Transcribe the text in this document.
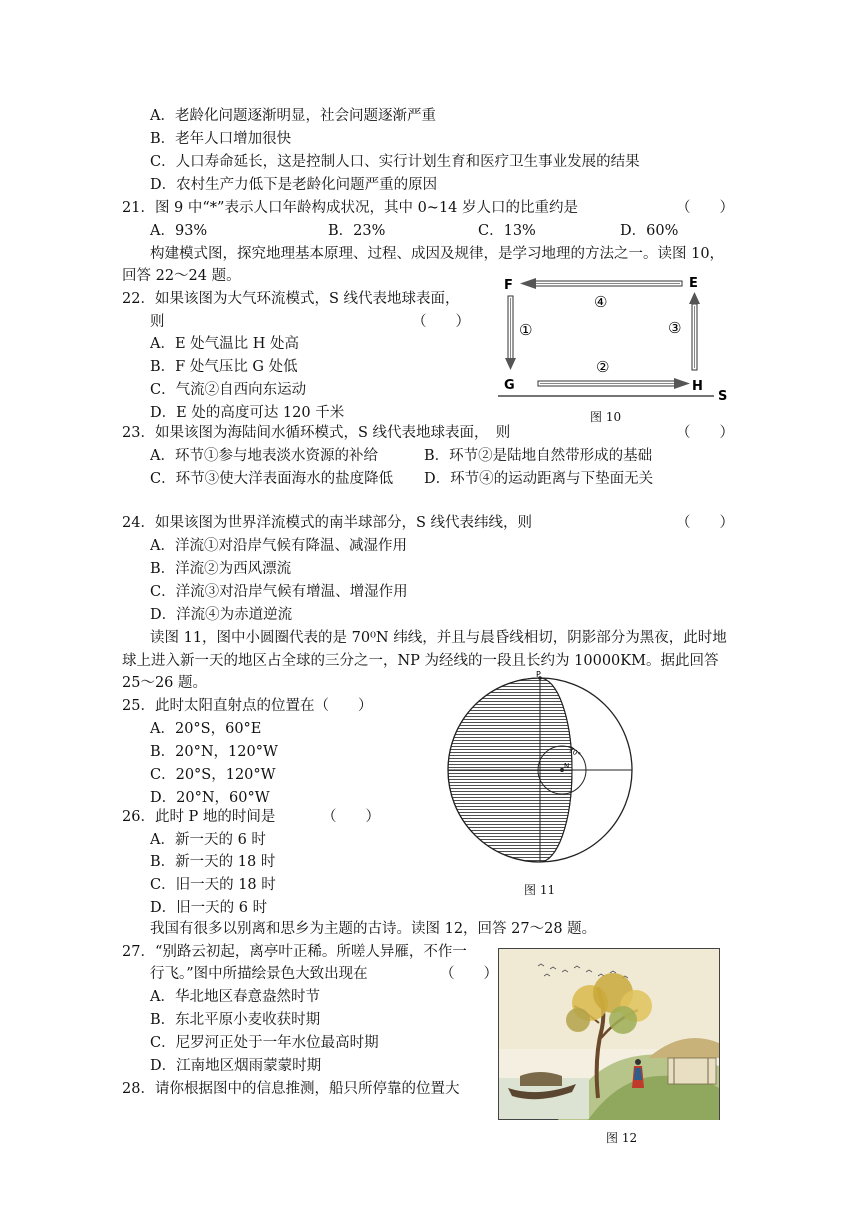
A．老龄化问题逐渐明显，社会问题逐渐严重
B．老年人口增加很快
C．人口寿命延长，这是控制人口、实行计划生育和医疗卫生事业发展的结果
D．农村生产力低下是老龄化问题严重的原因
21．图 9 中“*”表示人口年龄构成状况，其中 0~14 岁人口的比重约是	（　　）
A．93%	B．23%	C．13%	D．60%
构建模式图，探究地理基本原理、过程、成因及规律，是学习地理的方法之一。读图 10，
回答 22～24 题。
22．如果该图为大气环流模式，S 线代表地球表面，
则	（　　）
A．E 处气温比 H 处高
B．F 处气压比 G 处低
C．气流②自西向东运动
D．E 处的高度可达 120 千米
F	E
G	H
S
④
①
②
③
图 10
23．如果该图为海陆间水循环模式，S 线代表地球表面，　则	（　　）
A．环节①参与地表淡水资源的补给	B．环节②是陆地自然带形成的基础
C．环节③使大洋表面海水的盐度降低 D．环节④的运动距离与下垫面无关
24．如果该图为世界洋流模式的南半球部分，S 线代表纬线，则	（　　）
A．洋流①对沿岸气候有降温、减湿作用
B．洋流②为西风漂流
C．洋流③对沿岸气候有增温、增湿作用
D．洋流④为赤道逆流
读图 11，图中小圆圈代表的是 70⁰N 纬线，并且与晨昏线相切，阴影部分为黑夜，此时地
球上进入新一天的地区占全球的三分之一，NP 为经线的一段且长约为 10000KM。据此回答
25～26 题。
25．此时太阳直射点的位置在（　　）
A．20°S，60°E
B．20°N，120°W
C．20°S，120°W
D．20°N，60°W
P
N
70°
图 11
26．此时 P 地的时间是	（　　）
A．新一天的 6 时
B．新一天的 18 时
C．旧一天的 18 时
D．旧一天的 6 时
我国有很多以别离和思乡为主题的古诗。读图 12，回答 27～28 题。
27．“别路云初起，离亭叶正稀。所嗟人异雁，不作一
行飞。”图中所描绘景色大致出现在	（　　）
A．华北地区春意盎然时节
B．东北平原小麦收获时期
C．尼罗河正处于一年水位最高时期
D．江南地区烟雨蒙蒙时期
28．请你根据图中的信息推测，船只所停靠的位置大
图 12
